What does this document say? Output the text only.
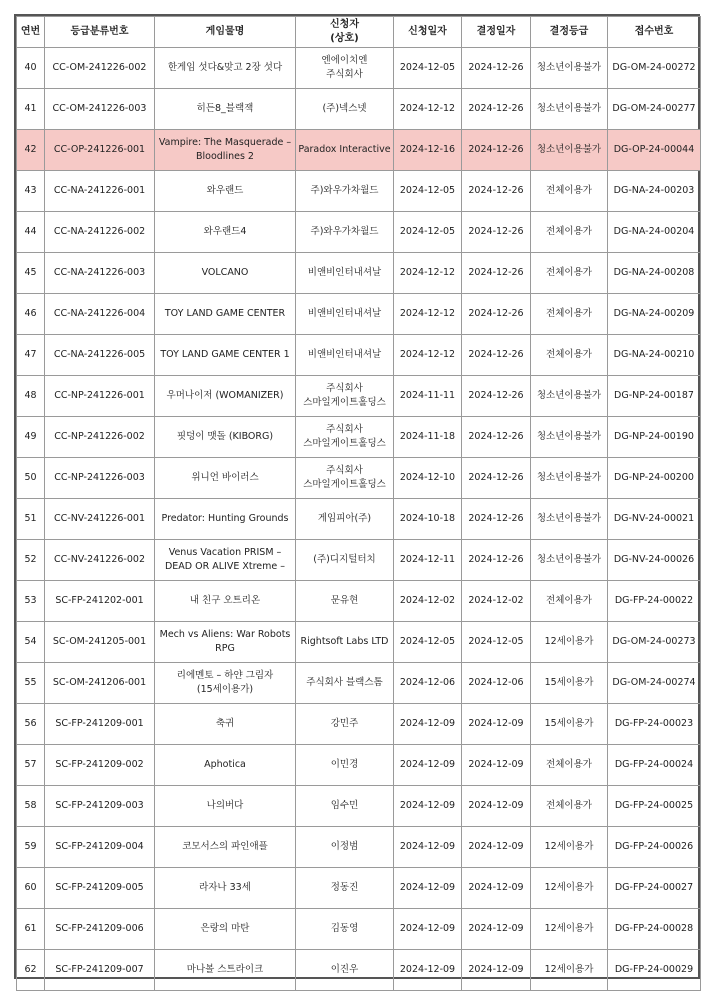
연번	등급분류번호	게임물명	신청자
(상호)	신청일자	결정일자	결정등급	접수번호
40	CC-OM-241226-002	한게임 섯다&맞고 2장 섯다	엔에이치엔
주식회사	2024-12-05	2024-12-26	청소년이용불가	DG-OM-24-00272
41	CC-OM-241226-003	히든8_블랙잭	(주)넥스넷	2024-12-12	2024-12-26	청소년이용불가	DG-OM-24-00277
42	CC-OP-241226-001	Vampire: The Masquerade –
Bloodlines 2	Paradox Interactive	2024-12-16	2024-12-26	청소년이용불가	DG-OP-24-00044
43	CC-NA-241226-001	와우랜드	주)와우가차월드	2024-12-05	2024-12-26	전체이용가	DG-NA-24-00203
44	CC-NA-241226-002	와우랜드4	주)와우가차월드	2024-12-05	2024-12-26	전체이용가	DG-NA-24-00204
45	CC-NA-241226-003	VOLCANO	비앤비인터내셔날	2024-12-12	2024-12-26	전체이용가	DG-NA-24-00208
46	CC-NA-241226-004	TOY LAND GAME CENTER	비앤비인터내셔날	2024-12-12	2024-12-26	전체이용가	DG-NA-24-00209
47	CC-NA-241226-005	TOY LAND GAME CENTER 1	비앤비인터내셔날	2024-12-12	2024-12-26	전체이용가	DG-NA-24-00210
48	CC-NP-241226-001	우머나이저 (WOMANIZER)	주식회사
스마일게이트홀딩스	2024-11-11	2024-12-26	청소년이용불가	DG-NP-24-00187
49	CC-NP-241226-002	핏덩이 맷돌 (KIBORG)	주식회사
스마일게이트홀딩스	2024-11-18	2024-12-26	청소년이용불가	DG-NP-24-00190
50	CC-NP-241226-003	위니언 바이러스	주식회사
스마일게이트홀딩스	2024-12-10	2024-12-26	청소년이용불가	DG-NP-24-00200
51	CC-NV-241226-001	Predator: Hunting Grounds	게임피아(주)	2024-10-18	2024-12-26	청소년이용불가	DG-NV-24-00021
52	CC-NV-241226-002	Venus Vacation PRISM –
DEAD OR ALIVE Xtreme –	(주)디지털터치	2024-12-11	2024-12-26	청소년이용불가	DG-NV-24-00026
53	SC-FP-241202-001	내 친구 오트리온	문유현	2024-12-02	2024-12-02	전체이용가	DG-FP-24-00022
54	SC-OM-241205-001	Mech vs Aliens: War Robots
RPG	Rightsoft Labs LTD	2024-12-05	2024-12-05	12세이용가	DG-OM-24-00273
55	SC-OM-241206-001	리에멘토 – 하얀 그림자
(15세이용가)	주식회사 블랙스톰	2024-12-06	2024-12-06	15세이용가	DG-OM-24-00274
56	SC-FP-241209-001	축귀	강민주	2024-12-09	2024-12-09	15세이용가	DG-FP-24-00023
57	SC-FP-241209-002	Aphotica	이민경	2024-12-09	2024-12-09	전체이용가	DG-FP-24-00024
58	SC-FP-241209-003	나의버다	임수민	2024-12-09	2024-12-09	전체이용가	DG-FP-24-00025
59	SC-FP-241209-004	코모서스의 파인애플	이정범	2024-12-09	2024-12-09	12세이용가	DG-FP-24-00026
60	SC-FP-241209-005	라자나 33세	정동진	2024-12-09	2024-12-09	12세이용가	DG-FP-24-00027
61	SC-FP-241209-006	은랑의 마탄	김동영	2024-12-09	2024-12-09	12세이용가	DG-FP-24-00028
62	SC-FP-241209-007	마나볼 스트라이크	이진우	2024-12-09	2024-12-09	12세이용가	DG-FP-24-00029
